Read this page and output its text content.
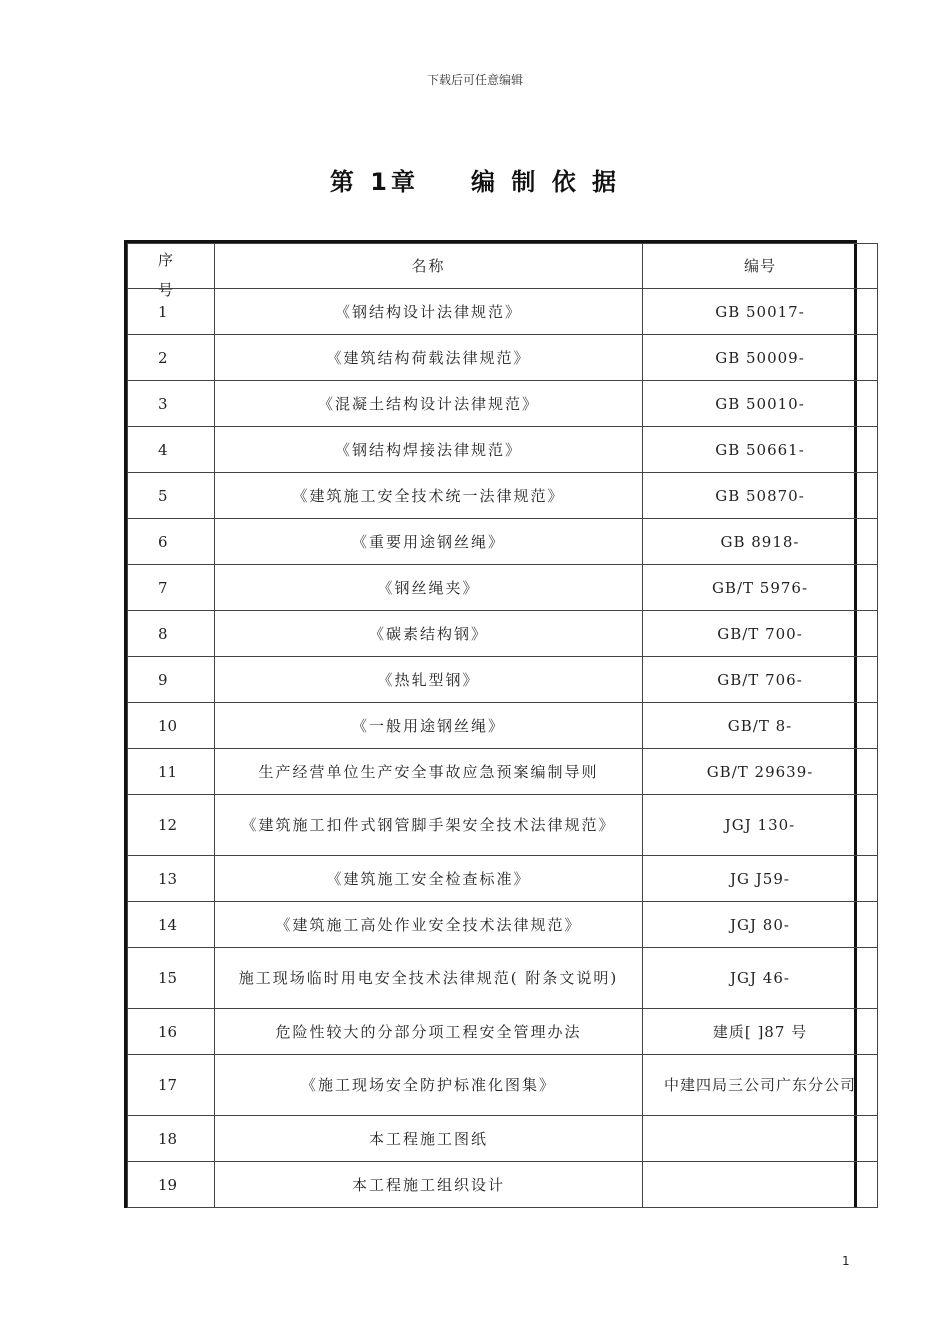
下载后可任意编辑
第 1章 编 制 依 据
序
号	名称	编号
1	《钢结构设计法律规范》	GB 50017-
2	《建筑结构荷载法律规范》	GB 50009-
3	《混凝土结构设计法律规范》	GB 50010-
4	《钢结构焊接法律规范》	GB 50661-
5	《建筑施工安全技术统一法律规范》	GB 50870-
6	《重要用途钢丝绳》	GB 8918-
7	《钢丝绳夹》	GB/T 5976-
8	《碳素结构钢》	GB/T 700-
9	《热轧型钢》	GB/T 706-
10	《一般用途钢丝绳》	GB/T 8-
11	生产经营单位生产安全事故应急预案编制导则	GB/T 29639-
12	《建筑施工扣件式钢管脚手架安全技术法律规范》	JGJ 130-
13	《建筑施工安全检查标准》	JG J59-
14	《建筑施工高处作业安全技术法律规范》	JGJ 80-
15	施工现场临时用电安全技术法律规范( 附条文说明)	JGJ 46-
16	危险性较大的分部分项工程安全管理办法	建质[ ]87 号
17	《施工现场安全防护标准化图集》	中建四局三公司广东分公司
18	本工程施工图纸	
19	本工程施工组织设计	
1
